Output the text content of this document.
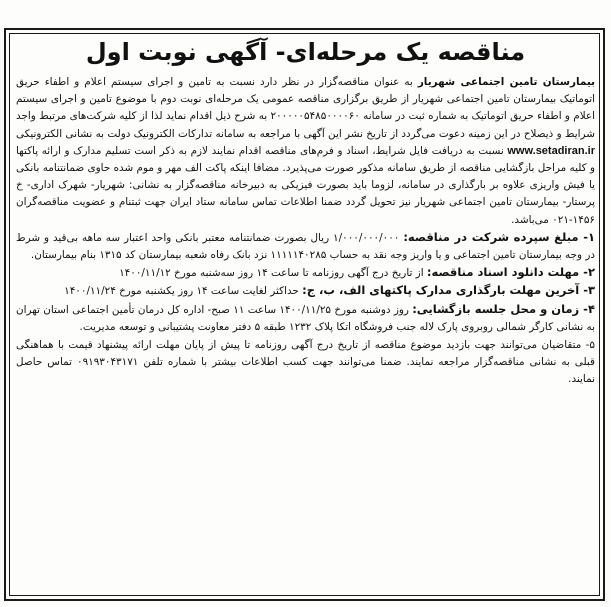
مناقصه یک مرحله‌ای- آگهی نوبت اول

بیمارستان تامین اجتماعی شهریار به عنوان مناقصه‌گزار در نظر دارد نسبت به تامین و اجرای سیستم اعلام و اطفاء حریق اتوماتیک بیمارستان تامین اجتماعی شهریار از طریق برگزاری مناقصه عمومی یک مرحله‌ای نوبت دوم با موضوع تامین و اجرای سیستم اعلام و اطفاء حریق اتوماتیک به شماره ثبت در سامانه ۲۰۰۰۰۰۵۴۸۵۰۰۰۰۶۰ به شرح ذیل اقدام نماید لذا از کلیه شرکت‌های مرتبط واجد شرایط و ذیصلاح در این زمینه دعوت می‌گردد از تاریخ نشر این آگهی با مراجعه به سامانه تدارکات الکترونیک دولت به نشانی الکترونیکی www.setadiran.ir نسبت به دریافت فایل شرایط، اسناد و فرم‌های مناقصه اقدام نمایند لازم به ذکر است تسلیم مدارک و ارائه پاکتها و کلیه مراحل بازگشایی مناقصه از طریق سامانه مذکور صورت می‌پذیرد. مضافا اینکه پاکت الف مهر و موم شده حاوی ضمانتنامه بانکی یا فیش واریزی علاوه بر بارگذاری در سامانه، لزوما باید بصورت فیزیکی به دبیرخانه مناقصه‌گزار به نشانی: شهریار- شهرک اداری- خ پرستار- بیمارستان تامین اجتماعی شهریار نیز تحویل گردد ضمنا اطلاعات تماس سامانه ستاد ایران جهت ثبتنام و عضویت مناقصه‌گران ۱۴۵۶-۰۲۱ می‌باشد.

۱- مبلغ سپرده شرکت در مناقصه: ۱/۰۰۰/۰۰۰/۰۰۰ ریال بصورت ضمانتنامه معتبر بانکی واحد اعتبار سه ماهه بی‌قید و شرط در وجه بیمارستان تامین اجتماعی و یا واریز وجه نقد به حساب ۱۱۱۱۱۴۰۲۸۵ نزد بانک رفاه شعبه بیمارستان کد ۱۳۱۵ بنام بیمارستان.

۲- مهلت دانلود اسناد مناقصه: از تاریخ درج آگهی روزنامه تا ساعت ۱۴ روز سه‌شنبه مورخ ۱۴۰۰/۱۱/۱۲

۳- آخرین مهلت بارگذاری مدارک پاکتهای الف، ب، ج: حداکثر لغایت ساعت ۱۴ روز یکشنبه مورخ ۱۴۰۰/۱۱/۲۴

۴- زمان و محل جلسه بازگشایی: روز دوشنبه مورخ ۱۴۰۰/۱۱/۲۵ ساعت ۱۱ صبح- اداره کل درمان تأمین اجتماعی استان تهران به نشانی کارگر شمالی روبروی پارک لاله جنب فروشگاه اتکا پلاک ۱۲۳۲ طبقه ۵ دفتر معاونت پشتیبانی و توسعه مدیریت.

۵- متقاضیان می‌توانند جهت بازدید موضوع مناقصه از تاریخ درج آگهی روزنامه تا پیش از پایان مهلت ارائه پیشنهاد قیمت با هماهنگی قبلی به نشانی مناقصه‌گزار مراجعه نمایند. ضمنا می‌توانند جهت کسب اطلاعات بیشتر با شماره تلفن ۰۹۱۹۳۰۴۳۱۷۱ تماس حاصل نمایند.
